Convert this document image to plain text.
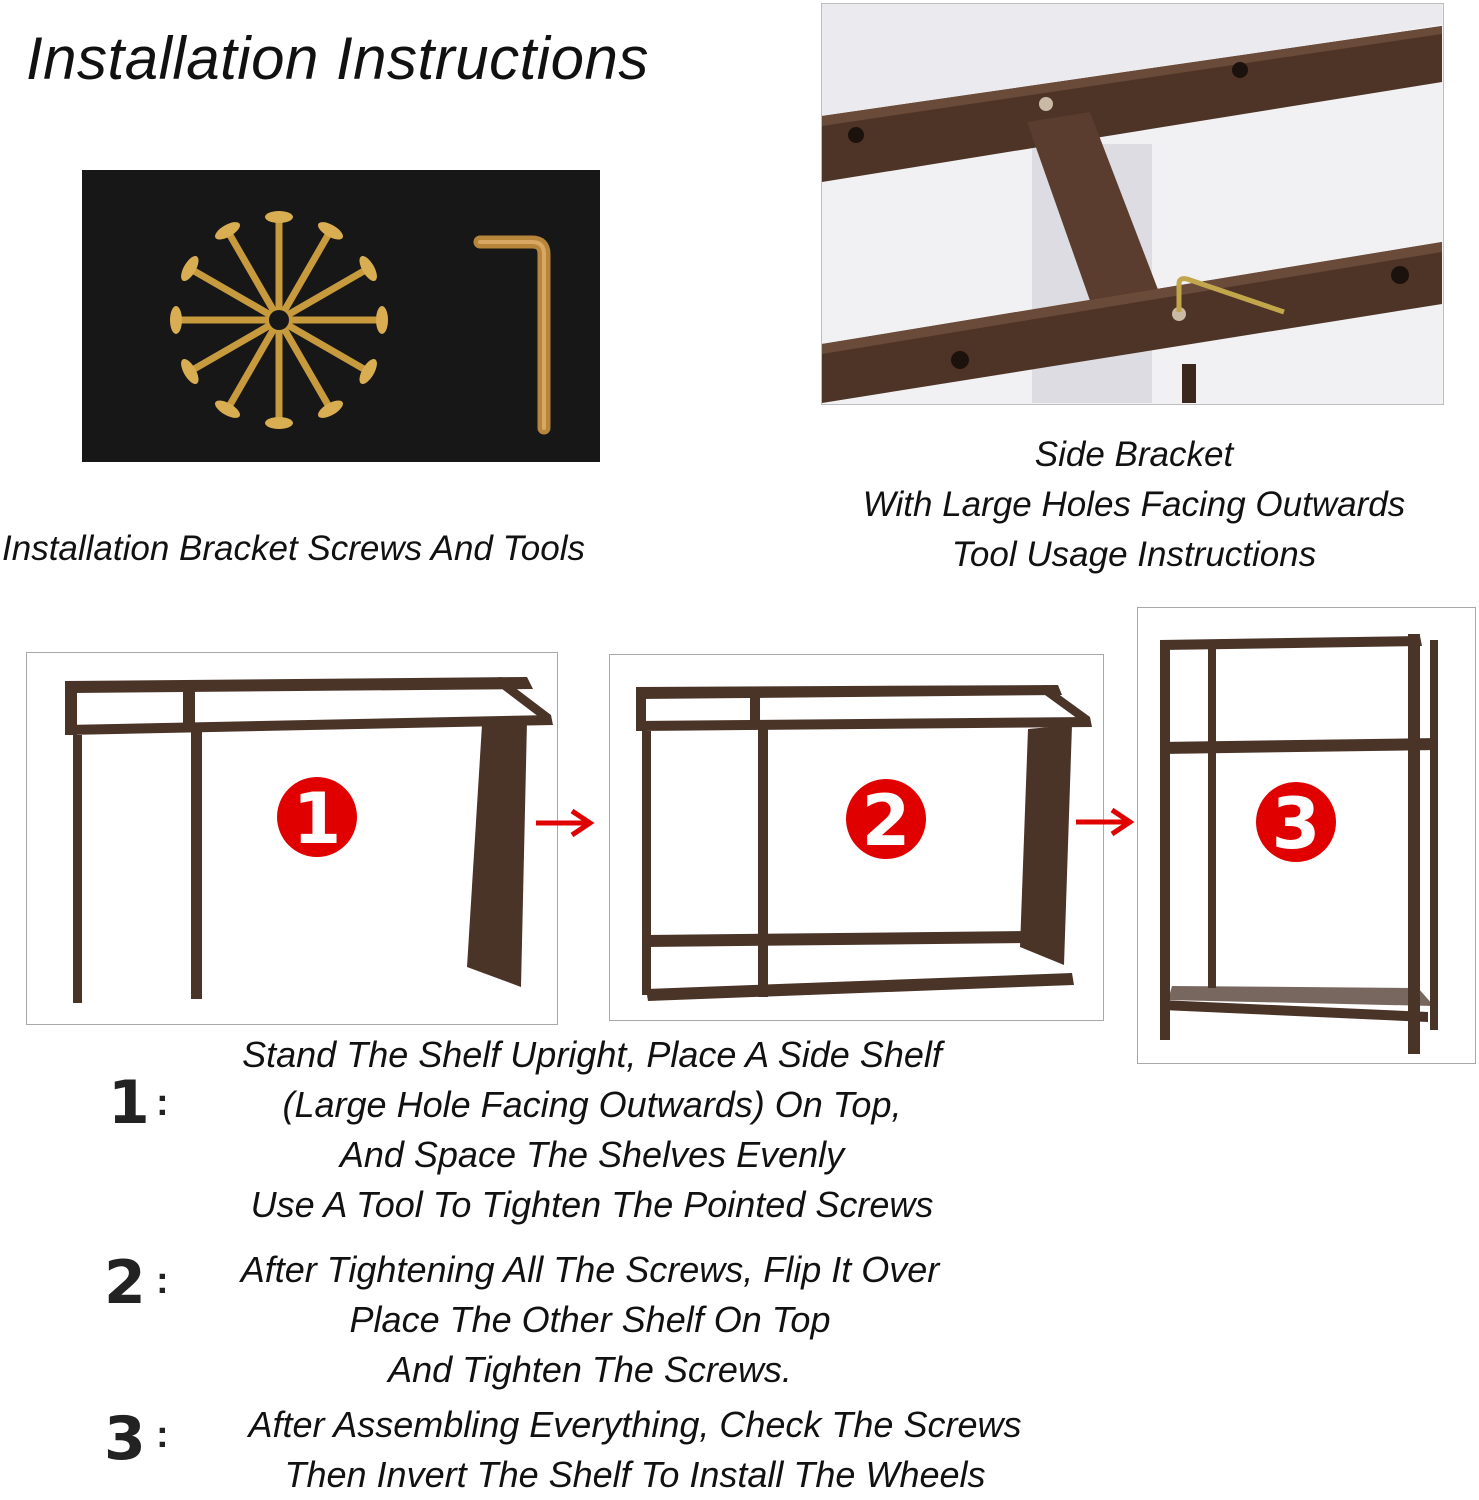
Installation Instructions
Installation Bracket Screws And Tools
Side Bracket
With Large Holes Facing Outwards
Tool Usage Instructions
1	2	3
1 :
Stand The Shelf Upright, Place A Side Shelf
(Large Hole Facing Outwards) On Top,
And Space The Shelves Evenly
Use A Tool To Tighten The Pointed Screws
2 :	After Tightening All The Screws, Flip It Over
Place The Other Shelf On Top
And Tighten The Screws.
3 :	After Assembling Everything, Check The Screws
Then Invert The Shelf To Install The Wheels
